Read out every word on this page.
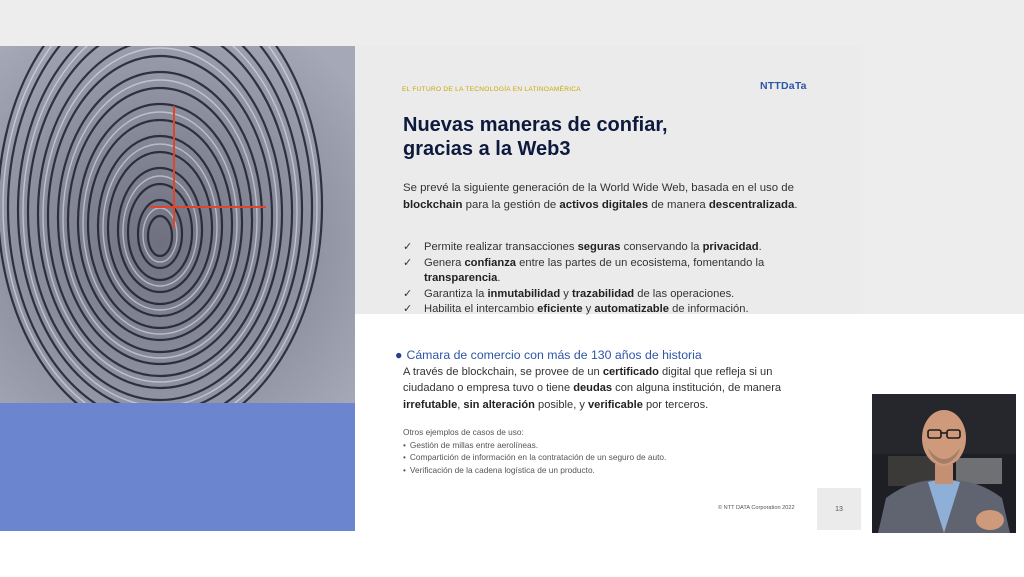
EL FUTURO DE LA TECNOLOGÍA EN LATINOAMÉRICA	NTTDaTa
Nuevas maneras de confiar,
gracias a la Web3
Se prevé la siguiente generación de la World Wide Web, basada en el uso de blockchain para la gestión de activos digitales de manera descentralizada.
✓ Permite realizar transacciones seguras conservando la privacidad.
✓ Genera confianza entre las partes de un ecosistema, fomentando la transparencia.
✓ Garantiza la inmutabilidad y trazabilidad de las operaciones.
✓ Habilita el intercambio eficiente y automatizable de información.
● Cámara de comercio con más de 130 años de historia
A través de blockchain, se provee de un certificado digital que refleja si un ciudadano o empresa tuvo o tiene deudas con alguna institución, de manera irrefutable, sin alteración posible, y verificable por terceros.
Otros ejemplos de casos de uso:
• Gestión de millas entre aerolíneas.
• Compartición de información en la contratación de un seguro de auto.
• Verificación de la cadena logística de un producto.
© NTT DATA Corporation 2022	13
